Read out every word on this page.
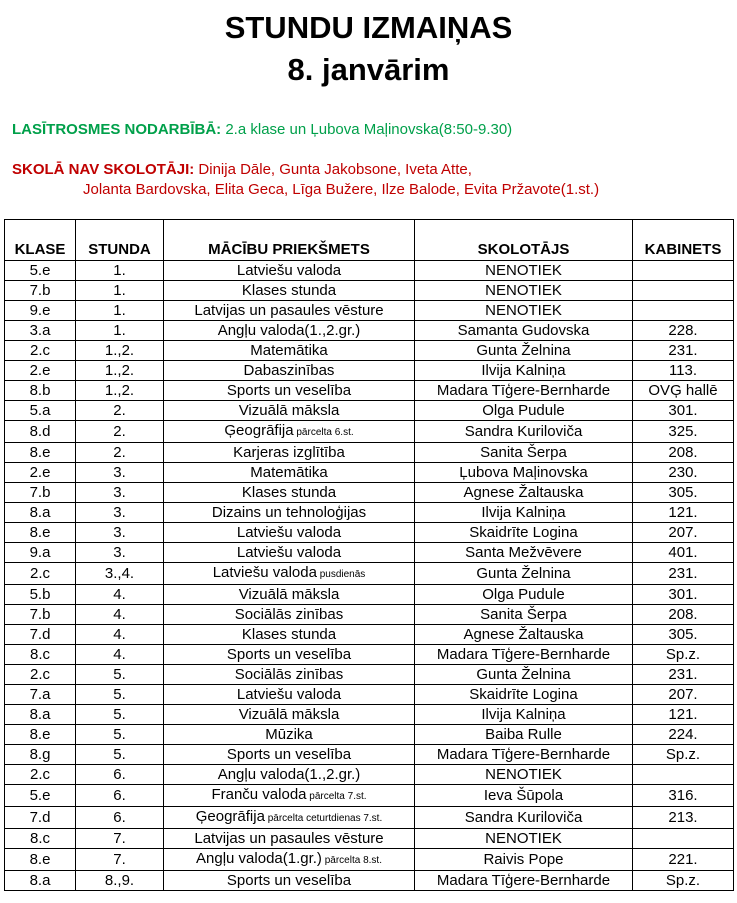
STUNDU IZMAIŅAS
8. janvārim
LASĪTROSMES NODARBĪBĀ: 2.a klase un Ļubova Maļinovska(8:50-9.30)
SKOLĀ NAV SKOLOTĀJI: Dinija Dāle, Gunta Jakobsone, Iveta Atte,
Jolanta Bardovska, Elita Geca, Līga Bužere, Ilze Balode, Evita Pržavote(1.st.)
KLASE	STUNDA	MĀCĪBU PRIEKŠMETS	SKOLOTĀJS	KABINETS
5.e	1.	Latviešu valoda	NENOTIEK	
7.b	1.	Klases stunda	NENOTIEK	
9.e	1.	Latvijas un pasaules vēsture	NENOTIEK	
3.a	1.	Angļu valoda(1.,2.gr.)	Samanta Gudovska	228.
2.c	1.,2.	Matemātika	Gunta Želnina	231.
2.e	1.,2.	Dabaszinības	Ilvija Kalniņa	113.
8.b	1.,2.	Sports un veselība	Madara Tīģere-Bernharde	OVĢ hallē
5.a	2.	Vizuālā māksla	Olga Pudule	301.
8.d	2.	Ģeogrāfija pārcelta 6.st.	Sandra Kuriloviča	325.
8.e	2.	Karjeras izglītība	Sanita Šerpa	208.
2.e	3.	Matemātika	Ļubova Maļinovska	230.
7.b	3.	Klases stunda	Agnese Žaltauska	305.
8.a	3.	Dizains un tehnoloģijas	Ilvija Kalniņa	121.
8.e	3.	Latviešu valoda	Skaidrīte Logina	207.
9.a	3.	Latviešu valoda	Santa Mežvēvere	401.
2.c	3.,4.	Latviešu valoda pusdienās	Gunta Želnina	231.
5.b	4.	Vizuālā māksla	Olga Pudule	301.
7.b	4.	Sociālās zinības	Sanita Šerpa	208.
7.d	4.	Klases stunda	Agnese Žaltauska	305.
8.c	4.	Sports un veselība	Madara Tīģere-Bernharde	Sp.z.
2.c	5.	Sociālās zinības	Gunta Želnina	231.
7.a	5.	Latviešu valoda	Skaidrīte Logina	207.
8.a	5.	Vizuālā māksla	Ilvija Kalniņa	121.
8.e	5.	Mūzika	Baiba Rulle	224.
8.g	5.	Sports un veselība	Madara Tīģere-Bernharde	Sp.z.
2.c	6.	Angļu valoda(1.,2.gr.)	NENOTIEK	
5.e	6.	Franču valoda pārcelta 7.st.	Ieva Šūpola	316.
7.d	6.	Ģeogrāfija pārcelta ceturtdienas 7.st.	Sandra Kuriloviča	213.
8.c	7.	Latvijas un pasaules vēsture	NENOTIEK	
8.e	7.	Angļu valoda(1.gr.) pārcelta 8.st.	Raivis Pope	221.
8.a	8.,9.	Sports un veselība	Madara Tīģere-Bernharde	Sp.z.
